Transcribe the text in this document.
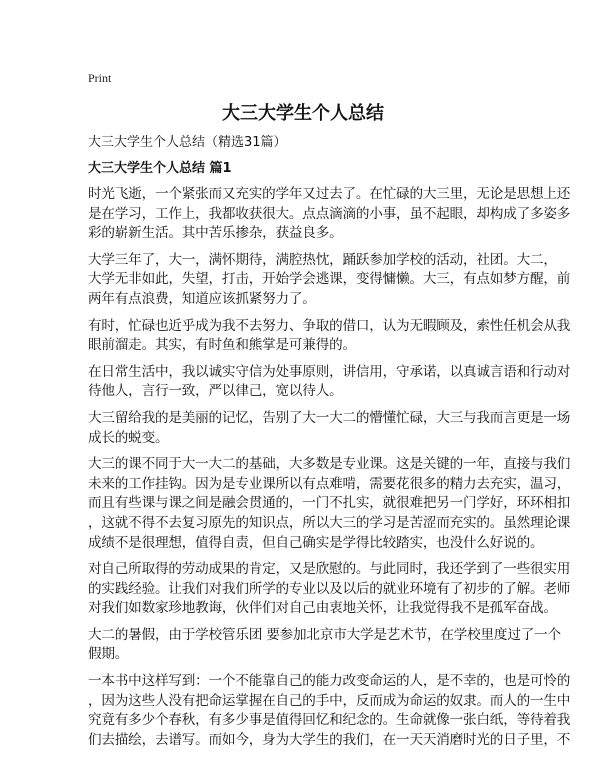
Print
大三大学生个人总结
大三大学生个人总结（精选31篇）
大三大学生个人总结 篇1
时光飞逝，一个紧张而又充实的学年又过去了。在忙碌的大三里，无论是思想上还
是在学习，工作上，我都收获很大。点点滴滴的小事，虽不起眼，却构成了多姿多
彩的崭新生活。其中苦乐掺杂，获益良多。
大学三年了，大一，满怀期待，满腔热忱，踊跃参加学校的活动，社团。大二，
大学无非如此，失望，打击，开始学会逃课，变得慵懒。大三，有点如梦方醒，前
两年有点浪费，知道应该抓紧努力了。
有时，忙碌也近乎成为我不去努力、争取的借口，认为无暇顾及，索性任机会从我
眼前溜走。其实，有时鱼和熊掌是可兼得的。
在日常生活中，我以诚实守信为处事原则，讲信用，守承诺，以真诚言语和行动对
待他人，言行一致，严以律己，宽以待人。
大三留给我的是美丽的记忆，告别了大一大二的懵懂忙碌，大三与我而言更是一场
成长的蜕变。
大三的课不同于大一大二的基础，大多数是专业课。这是关键的一年，直接与我们
未来的工作挂钩。因为是专业课所以有点难啃，需要花很多的精力去充实，温习，
而且有些课与课之间是融会贯通的，一门不扎实，就很难把另一门学好，环环相扣
，这就不得不去复习原先的知识点，所以大三的学习是苦涩而充实的。虽然理论课
成绩不是很理想，值得自责，但自己确实是学得比较踏实，也没什么好说的。
对自己所取得的劳动成果的肯定，又是欣慰的。与此同时，我还学到了一些很实用
的实践经验。让我们对我们所学的专业以及以后的就业环境有了初步的了解。老师
对我们如数家珍地教诲，伙伴们对自己由衷地关怀，让我觉得我不是孤军奋战。
大二的暑假，由于学校管乐团 要参加北京市大学是艺术节，在学校里度过了一个
假期。
一本书中这样写到：一个不能靠自己的能力改变命运的人，是不幸的，也是可怜的
，因为这些人没有把命运掌握在自己的手中，反而成为命运的奴隶。而人的一生中
究竟有多少个春秋，有多少事是值得回忆和纪念的。生命就像一张白纸，等待着我
们去描绘，去谱写。而如今，身为大学生的我们，在一天天消磨时光的日子里，不
